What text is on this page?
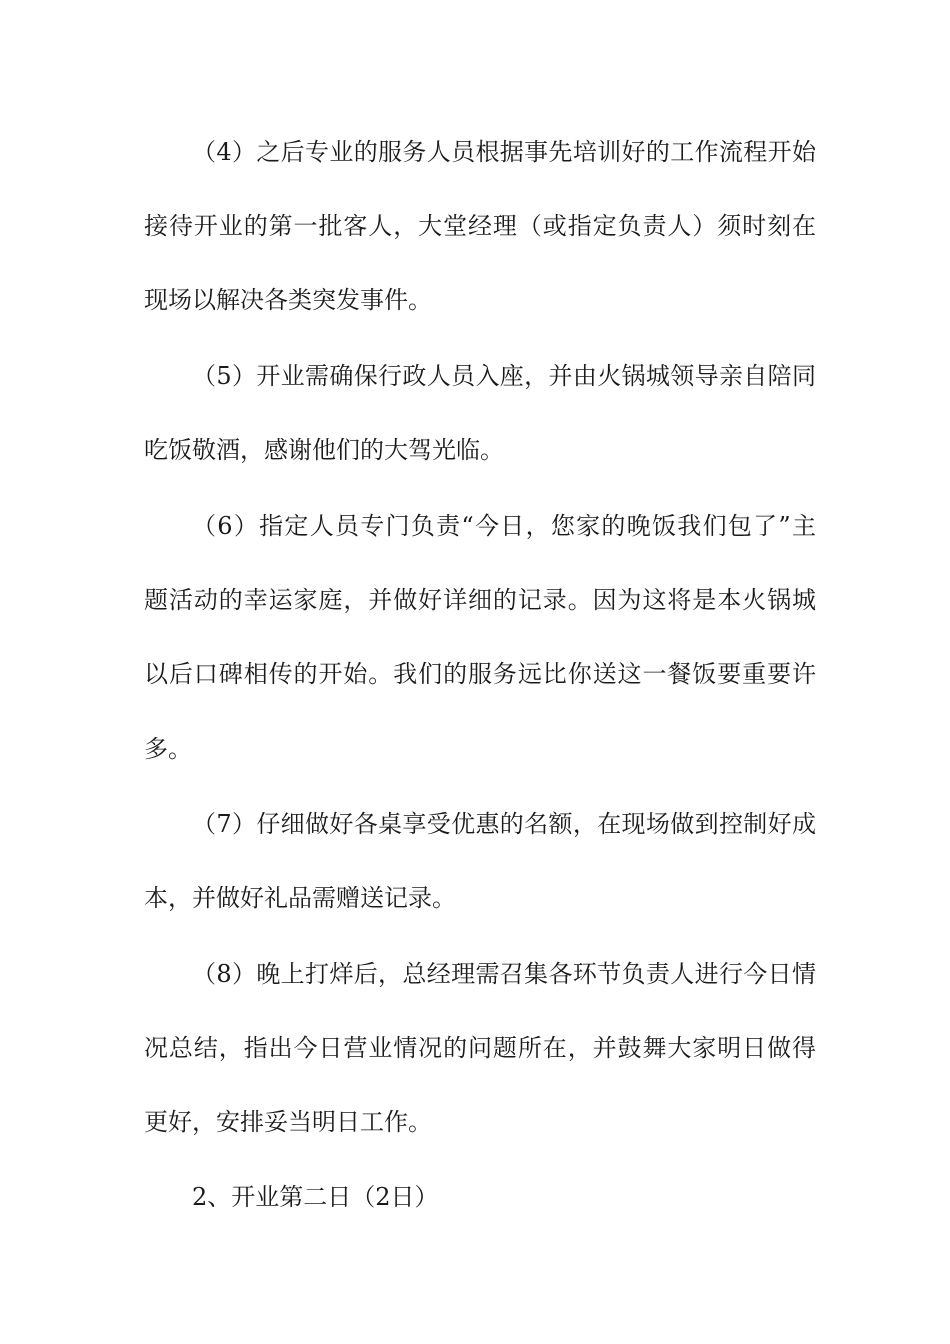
（4）之后专业的服务人员根据事先培训好的工作流程开始
接待开业的第一批客人，大堂经理（或指定负责人）须时刻在
现场以解决各类突发事件。
（5）开业需确保行政人员入座，并由火锅城领导亲自陪同
吃饭敬酒，感谢他们的大驾光临。
（6）指定人员专门负责“今日，您家的晚饭我们包了”主
题活动的幸运家庭，并做好详细的记录。因为这将是本火锅城
以后口碑相传的开始。我们的服务远比你送这一餐饭要重要许
多。
（7）仔细做好各桌享受优惠的名额，在现场做到控制好成
本，并做好礼品需赠送记录。
（8）晚上打烊后，总经理需召集各环节负责人进行今日情
况总结，指出今日营业情况的问题所在，并鼓舞大家明日做得
更好，安排妥当明日工作。
2、开业第二日（2日）
